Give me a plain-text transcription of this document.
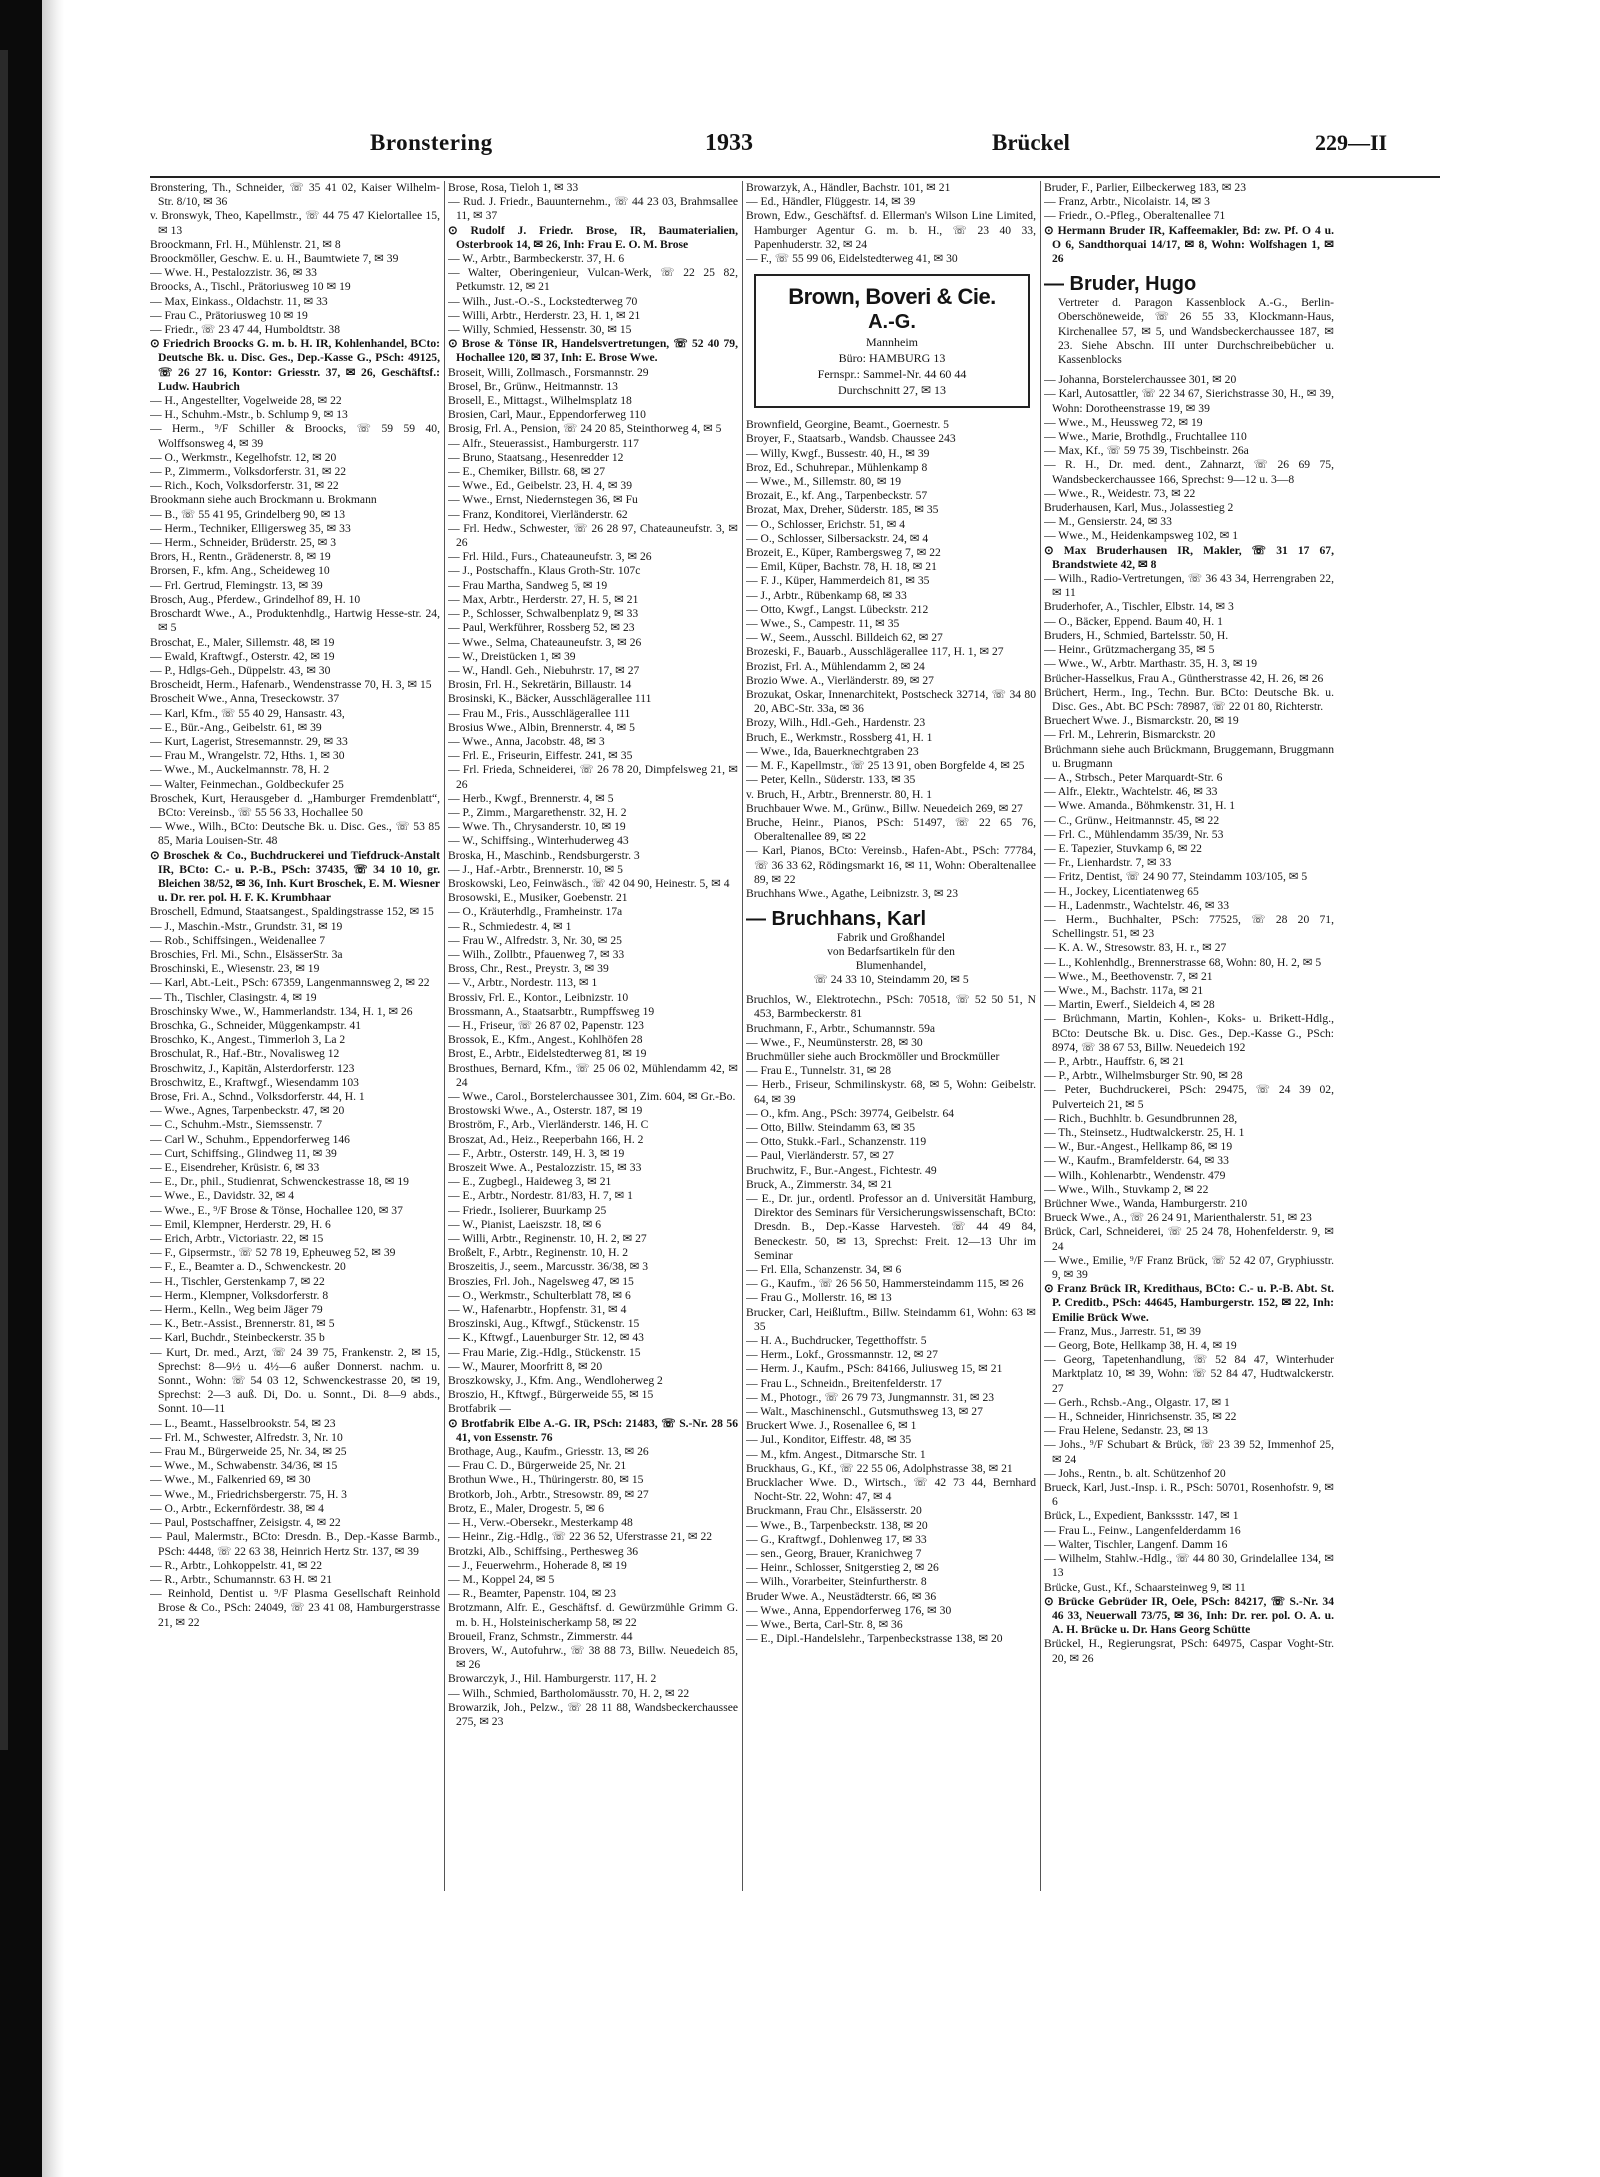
Bronstering	1933	Brückel	229—II

Bronstering, Th., Schneider, ☏ 35 41 02, Kaiser Wilhelm-Str. 8/10, ✉ 36

v. Bronswyk, Theo, Kapellmstr., ☏ 44 75 47 Kielortallee 15, ✉ 13

Broockmann, Frl. H., Mühlenstr. 21, ✉ 8

Broockmöller, Geschw. E. u. H., Baumtwiete 7, ✉ 39

— Wwe. H., Pestalozzistr. 36, ✉ 33

Broocks, A., Tischl., Prätoriusweg 10 ✉ 19

— Max, Einkass., Oldachstr. 11, ✉ 33

— Frau C., Prätoriusweg 10 ✉ 19

— Friedr., ☏ 23 47 44, Humboldtstr. 38

⊙ Friedrich Broocks G. m. b. H. IR, Kohlenhandel, BCto: Deutsche Bk. u. Disc. Ges., Dep.-Kasse G., PSch: 49125, ☏ 26 27 16, Kontor: Griesstr. 37, ✉ 26, Geschäftsf.: Ludw. Haubrich

— H., Angestellter, Vogelweide 28, ✉ 22

— H., Schuhm.-Mstr., b. Schlump 9, ✉ 13

— Herm., ⁹/F Schiller & Broocks, ☏ 59 59 40, Wolffsonsweg 4, ✉ 39

— O., Werkmstr., Kegelhofstr. 12, ✉ 20

— P., Zimmerm., Volksdorferstr. 31, ✉ 22

— Rich., Koch, Volksdorferstr. 31, ✉ 22

Brookmann siehe auch Brockmann u. Brokmann

— B., ☏ 55 41 95, Grindelberg 90, ✉ 13

— Herm., Techniker, Elligersweg 35, ✉ 33

— Herm., Schneider, Brüderstr. 25, ✉ 3

Brors, H., Rentn., Grädenerstr. 8, ✉ 19

Brorsen, F., kfm. Ang., Scheideweg 10

— Frl. Gertrud, Flemingstr. 13, ✉ 39

Brosch, Aug., Pferdew., Grindelhof 89, H. 10

Broschardt Wwe., A., Produktenhdlg., Hartwig Hesse-str. 24, ✉ 5

Broschat, E., Maler, Sillemstr. 48, ✉ 19

— Ewald, Kraftwgf., Osterstr. 42, ✉ 19

— P., Hdlgs-Geh., Düppelstr. 43, ✉ 30

Broscheidt, Herm., Hafenarb., Wendenstrasse 70, H. 3, ✉ 15

Broscheit Wwe., Anna, Treseckowstr. 37

— Karl, Kfm., ☏ 55 40 29, Hansastr. 43,

— E., Bür.-Ang., Geibelstr. 61, ✉ 39

— Kurt, Lagerist, Stresemannstr. 29, ✉ 33

— Frau M., Wrangelstr. 72, Hths. 1, ✉ 30

— Wwe., M., Auckelmannstr. 78, H. 2

— Walter, Feinmechan., Goldbeckufer 25

Broschek, Kurt, Herausgeber d. „Hamburger Fremdenblatt“, BCto: Vereinsb., ☏ 55 56 33, Hochallee 50

— Wwe., Wilh., BCto: Deutsche Bk. u. Disc. Ges., ☏ 53 85 85, Maria Louisen-Str. 48

⊙ Broschek & Co., Buchdruckerei und Tiefdruck-Anstalt IR, BCto: C.- u. P.-B., PSch: 37435, ☏ 34 10 10, gr. Bleichen 38/52, ✉ 36, Inh. Kurt Broschek, E. M. Wiesner u. Dr. rer. pol. H. F. K. Krumbhaar

Broschell, Edmund, Staatsangest., Spaldingstrasse 152, ✉ 15

— J., Maschin.-Mstr., Grundstr. 31, ✉ 19

— Rob., Schiffsingen., Weidenallee 7

Broschies, Frl. Mi., Schn., ElsässerStr. 3a

Broschinski, E., Wiesenstr. 23, ✉ 19

— Karl, Abt.-Leit., PSch: 67359, Langenmannsweg 2, ✉ 22

— Th., Tischler, Clasingstr. 4, ✉ 19

Broschinsky Wwe., W., Hammerlandstr. 134, H. 1, ✉ 26

Broschka, G., Schneider, Müggenkampstr. 41

Broschko, K., Angest., Timmerloh 3, La 2

Broschulat, R., Haf.-Btr., Novalisweg 12

Broschwitz, J., Kapitän, Alsterdorferstr. 123

Broschwitz, E., Kraftwgf., Wiesendamm 103

Brose, Fri. A., Schnd., Volksdorferstr. 44, H. 1

— Wwe., Agnes, Tarpenbeckstr. 47, ✉ 20

— C., Schuhm.-Mstr., Siemssenstr. 7

— Carl W., Schuhm., Eppendorferweg 146

— Curt, Schiffsing., Glindweg 11, ✉ 39

— E., Eisendreher, Krüsistr. 6, ✉ 33

— E., Dr., phil., Studienrat, Schwenckestrasse 18, ✉ 19

— Wwe., E., Davidstr. 32, ✉ 4

— Wwe., E., ⁹/F Brose & Tönse, Hochallee 120, ✉ 37

— Emil, Klempner, Herderstr. 29, H. 6

— Erich, Arbtr., Victoriastr. 22, ✉ 15

— F., Gipsermstr., ☏ 52 78 19, Epheuweg 52, ✉ 39

— F., E., Beamter a. D., Schwenckestr. 20

— H., Tischler, Gerstenkamp 7, ✉ 22

— Herm., Klempner, Volksdorferstr. 8

— Herm., Kelln., Weg beim Jäger 79

— K., Betr.-Assist., Brennerstr. 81, ✉ 5

— Karl, Buchdr., Steinbeckerstr. 35 b

— Kurt, Dr. med., Arzt, ☏ 24 39 75, Frankenstr. 2, ✉ 15, Sprechst: 8—9½ u. 4½—6 außer Donnerst. nachm. u. Sonnt., Wohn: ☏ 54 03 12, Schwenckestrasse 20, ✉ 19, Sprechst: 2—3 auß. Di, Do. u. Sonnt., Di. 8—9 abds., Sonnt. 10—11

— L., Beamt., Hasselbrookstr. 54, ✉ 23

— Frl. M., Schwester, Alfredstr. 3, Nr. 10

— Frau M., Bürgerweide 25, Nr. 34, ✉ 25

— Wwe., M., Schwabenstr. 34/36, ✉ 15

— Wwe., M., Falkenried 69, ✉ 30

— Wwe., M., Friedrichsbergerstr. 75, H. 3

— O., Arbtr., Eckernfördestr. 38, ✉ 4

— Paul, Postschaffner, Zeisigstr. 4, ✉ 22

— Paul, Malermstr., BCto: Dresdn. B., Dep.-Kasse Barmb., PSch: 4448, ☏ 22 63 38, Heinrich Hertz Str. 137, ✉ 39

— R., Arbtr., Lohkoppelstr. 41, ✉ 22

— R., Arbtr., Schumannstr. 63 H. ✉ 21

— Reinhold, Dentist u. ⁹/F Plasma Gesellschaft Reinhold Brose & Co., PSch: 24049, ☏ 23 41 08, Hamburgerstrasse 21, ✉ 22

Brose, Rosa, Tieloh 1, ✉ 33

— Rud. J. Friedr., Bauunternehm., ☏ 44 23 03, Brahmsallee 11, ✉ 37

⊙ Rudolf J. Friedr. Brose, IR, Baumaterialien, Osterbrook 14, ✉ 26, Inh: Frau E. O. M. Brose

— W., Arbtr., Barmbeckerstr. 37, H. 6

— Walter, Oberingenieur, Vulcan-Werk, ☏ 22 25 82, Petkumstr. 12, ✉ 21

— Wilh., Just.-O.-S., Lockstedterweg 70

— Willi, Arbtr., Herderstr. 23, H. 1, ✉ 21

— Willy, Schmied, Hessenstr. 30, ✉ 15

⊙ Brose & Tönse IR, Handelsvertretungen, ☏ 52 40 79, Hochallee 120, ✉ 37, Inh: E. Brose Wwe.

Broseit, Willi, Zollmasch., Forsmannstr. 29

Brosel, Br., Grünw., Heitmannstr. 13

Brosell, E., Mittagst., Wilhelmsplatz 18

Brosien, Carl, Maur., Eppendorferweg 110

Brosig, Frl. A., Pension, ☏ 24 20 85, Steinthorweg 4, ✉ 5

— Alfr., Steuerassist., Hamburgerstr. 117

— Bruno, Staatsang., Hesenredder 12

— E., Chemiker, Billstr. 68, ✉ 27

— Wwe., Ed., Geibelstr. 23, H. 4, ✉ 39

— Wwe., Ernst, Niedernstegen 36, ✉ Fu

— Franz, Konditorei, Vierländerstr. 62

— Frl. Hedw., Schwester, ☏ 26 28 97, Chateauneufstr. 3, ✉ 26

— Frl. Hild., Furs., Chateauneufstr. 3, ✉ 26

— J., Postschaffn., Klaus Groth-Str. 107c

— Frau Martha, Sandweg 5, ✉ 19

— Max, Arbtr., Herderstr. 27, H. 5, ✉ 21

— P., Schlosser, Schwalbenplatz 9, ✉ 33

— Paul, Werkführer, Rossberg 52, ✉ 23

— Wwe., Selma, Chateauneufstr. 3, ✉ 26

— W., Dreistücken 1, ✉ 39

— W., Handl. Geh., Niebuhrstr. 17, ✉ 27

Brosin, Frl. H., Sekretärin, Billaustr. 14

Brosinski, K., Bäcker, Ausschlägerallee 111

— Frau M., Fris., Ausschlägerallee 111

Brosius Wwe., Albin, Brennerstr. 4, ✉ 5

— Wwe., Anna, Jacobstr. 48, ✉ 3

— Frl. E., Friseurin, Eiffestr. 241, ✉ 35

— Frl. Frieda, Schneiderei, ☏ 26 78 20, Dimpfelsweg 21, ✉ 26

— Herb., Kwgf., Brennerstr. 4, ✉ 5

— P., Zimm., Margarethenstr. 32, H. 2

— Wwe. Th., Chrysanderstr. 10, ✉ 19

— W., Schiffsing., Winterhuderweg 43

Broska, H., Maschinb., Rendsburgerstr. 3

— J., Haf.-Arbtr., Brennerstr. 10, ✉ 5

Broskowski, Leo, Feinwäsch., ☏ 42 04 90, Heinestr. 5, ✉ 4

Brosowski, E., Musiker, Goebenstr. 21

— O., Kräuterhdlg., Framheinstr. 17a

— R., Schmiedestr. 4, ✉ 1

— Frau W., Alfredstr. 3, Nr. 30, ✉ 25

— Wilh., Zollbtr., Pfauenweg 7, ✉ 33

Bross, Chr., Rest., Preystr. 3, ✉ 39

— V., Arbtr., Nordestr. 113, ✉ 1

Brossiv, Frl. E., Kontor., Leibnizstr. 10

Brossmann, A., Staatsarbtr., Rumpffsweg 19

— H., Friseur, ☏ 26 87 02, Papenstr. 123

Brossok, E., Kfm., Angest., Kohlhöfen 28

Brost, E., Arbtr., Eidelstedterweg 81, ✉ 19

Brosthues, Bernard, Kfm., ☏ 25 06 02, Mühlendamm 42, ✉ 24

— Wwe., Carol., Borstelerchaussee 301, Zim. 604, ✉ Gr.-Bo.

Brostowski Wwe., A., Osterstr. 187, ✉ 19

Broström, F., Arb., Vierländerstr. 146, H. C

Broszat, Ad., Heiz., Reeperbahn 166, H. 2

— F., Arbtr., Osterstr. 149, H. 3, ✉ 19

Broszeit Wwe. A., Pestalozzistr. 15, ✉ 33

— E., Zugbegl., Haideweg 3, ✉ 21

— E., Arbtr., Nordestr. 81/83, H. 7, ✉ 1

— Friedr., Isolierer, Buurkamp 25

— W., Pianist, Laeiszstr. 18, ✉ 6

— Willi, Arbtr., Reginenstr. 10, H. 2, ✉ 27

Broßelt, F., Arbtr., Reginenstr. 10, H. 2

Broszeitis, J., seem., Marcusstr. 36/38, ✉ 3

Broszies, Frl. Joh., Nagelsweg 47, ✉ 15

— O., Werkmstr., Schulterblatt 78, ✉ 6

— W., Hafenarbtr., Hopfenstr. 31, ✉ 4

Broszinski, Aug., Kftwgf., Stückenstr. 15

— K., Kftwgf., Lauenburger Str. 12, ✉ 43

— Frau Marie, Zig.-Hdlg., Stückenstr. 15

— W., Maurer, Moorfritt 8, ✉ 20

Broszkowsky, J., Kfm. Ang., Wendloherweg 2

Broszio, H., Kftwgf., Bürgerweide 55, ✉ 15

Brotfabrik —

⊙ Brotfabrik Elbe A.-G. IR, PSch: 21483, ☏ S.-Nr. 28 56 41, von Essenstr. 76

Brothage, Aug., Kaufm., Griesstr. 13, ✉ 26

— Frau C. D., Bürgerweide 25, Nr. 21

Brothun Wwe., H., Thüringerstr. 80, ✉ 15

Brotkorb, Joh., Arbtr., Stresowstr. 89, ✉ 27

Brotz, E., Maler, Drogestr. 5, ✉ 6

— H., Verw.-Obersekr., Mesterkamp 48

— Heinr., Zig.-Hdlg., ☏ 22 36 52, Uferstrasse 21, ✉ 22

Brotzki, Alb., Schiffsing., Perthesweg 36

— J., Feuerwehrm., Hoherade 8, ✉ 19

— M., Koppel 24, ✉ 5

— R., Beamter, Papenstr. 104, ✉ 23

Brotzmann, Alfr. E., Geschäftsf. d. Gewürzmühle Grimm G. m. b. H., Holsteinischerkamp 58, ✉ 22

Broueil, Franz, Schmstr., Zimmerstr. 44

Brovers, W., Autofuhrw., ☏ 38 88 73, Billw. Neuedeich 85, ✉ 26

Browarczyk, J., Hil. Hamburgerstr. 117, H. 2

— Wilh., Schmied, Bartholomäusstr. 70, H. 2, ✉ 22

Browarzik, Joh., Pelzw., ☏ 28 11 88, Wandsbeckerchaussee 275, ✉ 23

Browarzyk, A., Händler, Bachstr. 101, ✉ 21

— Ed., Händler, Flüggestr. 14, ✉ 39

Brown, Edw., Geschäftsf. d. Ellerman's Wilson Line Limited, Hamburger Agentur G. m. b. H., ☏ 23 40 33, Papenhuderstr. 32, ✉ 24

— F., ☏ 55 99 06, Eidelstedterweg 41, ✉ 30

Brown, Boveri & Cie.
A.-G.
Mannheim
Büro: HAMBURG 13
Fernspr.: Sammel-Nr. 44 60 44
Durchschnitt 27, ✉ 13

Brownfield, Georgine, Beamt., Goernestr. 5

Broyer, F., Staatsarb., Wandsb. Chaussee 243

— Willy, Kwgf., Bussestr. 40, H., ✉ 39

Broz, Ed., Schuhrepar., Mühlenkamp 8

— Wwe., M., Sillemstr. 80, ✉ 19

Brozait, E., kf. Ang., Tarpenbeckstr. 57

Brozat, Max, Dreher, Süderstr. 185, ✉ 35

— O., Schlosser, Erichstr. 51, ✉ 4

— O., Schlosser, Silbersackstr. 24, ✉ 4

Brozeit, E., Küper, Rambergsweg 7, ✉ 22

— Emil, Küper, Bachstr. 78, H. 18, ✉ 21

— F. J., Küper, Hammerdeich 81, ✉ 35

— J., Arbtr., Rübenkamp 68, ✉ 33

— Otto, Kwgf., Langst. Lübeckstr. 212

— Wwe., S., Campestr. 11, ✉ 35

— W., Seem., Ausschl. Billdeich 62, ✉ 27

Brozeski, F., Bauarb., Ausschlägerallee 117, H. 1, ✉ 27

Brozist, Frl. A., Mühlendamm 2, ✉ 24

Brozio Wwe. A., Vierländerstr. 89, ✉ 27

Brozukat, Oskar, Innenarchitekt, Postscheck 32714, ☏ 34 80 20, ABC-Str. 33a, ✉ 36

Brozy, Wilh., Hdl.-Geh., Hardenstr. 23

Bruch, E., Werkmstr., Rossberg 41, H. 1

— Wwe., Ida, Bauerknechtgraben 23

— M. F., Kapellmstr., ☏ 25 13 91, oben Borgfelde 4, ✉ 25

— Peter, Kelln., Süderstr. 133, ✉ 35

v. Bruch, H., Arbtr., Brennerstr. 80, H. 1

Bruchbauer Wwe. M., Grünw., Billw. Neuedeich 269, ✉ 27

Bruche, Heinr., Pianos, PSch: 51497, ☏ 22 65 76, Oberaltenallee 89, ✉ 22

— Karl, Pianos, BCto: Vereinsb., Hafen-Abt., PSch: 77784, ☏ 36 33 62, Rödingsmarkt 16, ✉ 11, Wohn: Oberaltenallee 89, ✉ 22

Bruchhans Wwe., Agathe, Leibnizstr. 3, ✉ 23

— Bruchhans, Karl
Fabrik und Großhandel
von Bedarfsartikeln für den
Blumenhandel,
☏ 24 33 10, Steindamm 20, ✉ 5

Bruchlos, W., Elektrotechn., PSch: 70518, ☏ 52 50 51, N 453, Barmbeckerstr. 81

Bruchmann, F., Arbtr., Schumannstr. 59a

— Wwe., F., Neumünsterstr. 28, ✉ 30

Bruchmüller siehe auch Brockmöller und Brockmüller

— Frau E., Tunnelstr. 31, ✉ 28

— Herb., Friseur, Schmilinskystr. 68, ✉ 5, Wohn: Geibelstr. 64, ✉ 39

— O., kfm. Ang., PSch: 39774, Geibelstr. 64

— Otto, Billw. Steindamm 63, ✉ 35

— Otto, Stukk.-Farl., Schanzenstr. 119

— Paul, Vierländerstr. 57, ✉ 27

Bruchwitz, F., Bur.-Angest., Fichtestr. 49

Bruck, A., Zimmerstr. 34, ✉ 21

— E., Dr. jur., ordentl. Professor an d. Universität Hamburg, Direktor des Seminars für Versicherungswissenschaft, BCto: Dresdn. B., Dep.-Kasse Harvesteh. ☏ 44 49 84, Beneckestr. 50, ✉ 13, Sprechst: Freit. 12—13 Uhr im Seminar

— Frl. Ella, Schanzenstr. 34, ✉ 6

— G., Kaufm., ☏ 26 56 50, Hammersteindamm 115, ✉ 26

— Frau G., Mollerstr. 16, ✉ 13

Brucker, Carl, Heißluftm., Billw. Steindamm 61, Wohn: 63 ✉ 35

— H. A., Buchdrucker, Tegetthoffstr. 5

— Herm., Lokf., Grossmannstr. 12, ✉ 27

— Herm. J., Kaufm., PSch: 84166, Juliusweg 15, ✉ 21

— Frau L., Schneidn., Breitenfelderstr. 17

— M., Photogr., ☏ 26 79 73, Jungmannstr. 31, ✉ 23

— Walt., Maschinenschl., Gutsmuthsweg 13, ✉ 27

Bruckert Wwe. J., Rosenallee 6, ✉ 1

— Jul., Konditor, Eiffestr. 48, ✉ 35

— M., kfm. Angest., Ditmarsche Str. 1

Bruckhaus, G., Kf., ☏ 22 55 06, Adolphstrasse 38, ✉ 21

Brucklacher Wwe. D., Wirtsch., ☏ 42 73 44, Bernhard Nocht-Str. 22, Wohn: 47, ✉ 4

Bruckmann, Frau Chr., Elsässerstr. 20

— Wwe., B., Tarpenbeckstr. 138, ✉ 20

— G., Kraftwgf., Dohlenweg 17, ✉ 33

— sen., Georg, Brauer, Kranichweg 7

— Heinr., Schlosser, Snitgerstieg 2, ✉ 26

— Wilh., Vorarbeiter, Steinfurtherstr. 8

Bruder Wwe. A., Neustädterstr. 66, ✉ 36

— Wwe., Anna, Eppendorferweg 176, ✉ 30

— Wwe., Berta, Carl-Str. 8, ✉ 36

— E., Dipl.-Handelslehr., Tarpenbeckstrasse 138, ✉ 20

Bruder, F., Parlier, Eilbeckerweg 183, ✉ 23

— Franz, Arbtr., Nicolaistr. 14, ✉ 3

— Friedr., O.-Pfleg., Oberaltenallee 71

⊙ Hermann Bruder IR, Kaffeemakler, Bd: zw. Pf. O 4 u. O 6, Sandthorquai 14/17, ✉ 8, Wohn: Wolfshagen 1, ✉ 26

— Bruder, Hugo
Vertreter d. Paragon Kassenblock A.-G., Berlin-Oberschöneweide, ☏ 26 55 33, Klockmann-Haus, Kirchenallee 57, ✉ 5, und Wandsbeckerchaussee 187, ✉ 23. Siehe Abschn. III unter Durchschreibebücher u. Kassenblocks

— Johanna, Borstelerchaussee 301, ✉ 20

— Karl, Autosattler, ☏ 22 34 67, Sierichstrasse 30, H., ✉ 39, Wohn: Dorotheenstrasse 19, ✉ 39

— Wwe., M., Heussweg 72, ✉ 19

— Wwe., Marie, Brothdlg., Fruchtallee 110

— Max, Kf., ☏ 59 75 39, Tischbeinstr. 26a

— R. H., Dr. med. dent., Zahnarzt, ☏ 26 69 75, Wandsbeckerchaussee 166, Sprechst: 9—12 u. 3—8

— Wwe., R., Weidestr. 73, ✉ 22

Bruderhausen, Karl, Mus., Jolassestieg 2

— M., Gensierstr. 24, ✉ 33

— Wwe., M., Heidenkampsweg 102, ✉ 1

⊙ Max Bruderhausen IR, Makler, ☏ 31 17 67, Brandstwiete 42, ✉ 8

— Wilh., Radio-Vertretungen, ☏ 36 43 34, Herrengraben 22, ✉ 11

Bruderhofer, A., Tischler, Elbstr. 14, ✉ 3

— O., Bäcker, Eppend. Baum 40, H. 1

Bruders, H., Schmied, Bartelsstr. 50, H.

— Heinr., Grützmachergang 35, ✉ 5

— Wwe., W., Arbtr. Marthastr. 35, H. 3, ✉ 19

Brücher-Hasselkus, Frau A., Güntherstrasse 42, H. 26, ✉ 26

Brüchert, Herm., Ing., Techn. Bur. BCto: Deutsche Bk. u. Disc. Ges., Abt. BC PSch: 78987, ☏ 22 01 80, Richterstr.

Bruechert Wwe. J., Bismarckstr. 20, ✉ 19

— Frl. M., Lehrerin, Bismarckstr. 20

Brüchmann siehe auch Brückmann, Bruggemann, Bruggmann u. Brugmann

— A., Strbsch., Peter Marquardt-Str. 6

— Alfr., Elektr., Wachtelstr. 46, ✉ 33

— Wwe. Amanda., Böhmkenstr. 31, H. 1

— C., Grünw., Heitmannstr. 45, ✉ 22

— Frl. C., Mühlendamm 35/39, Nr. 53

— E. Tapezier, Stuvkamp 6, ✉ 22

— Fr., Lienhardstr. 7, ✉ 33

— Fritz, Dentist, ☏ 24 90 77, Steindamm 103/105, ✉ 5

— H., Jockey, Licentiatenweg 65

— H., Ladenmstr., Wachtelstr. 46, ✉ 33

— Herm., Buchhalter, PSch: 77525, ☏ 28 20 71, Schellingstr. 51, ✉ 23

— K. A. W., Stresowstr. 83, H. r., ✉ 27

— L., Kohlenhdlg., Brennerstrasse 68, Wohn: 80, H. 2, ✉ 5

— Wwe., M., Beethovenstr. 7, ✉ 21

— Wwe., M., Bachstr. 117a, ✉ 21

— Martin, Ewerf., Sieldeich 4, ✉ 28

— Brüchmann, Martin, Kohlen-, Koks- u. Brikett-Hdlg., BCto: Deutsche Bk. u. Disc. Ges., Dep.-Kasse G., PSch: 8974, ☏ 38 67 53, Billw. Neuedeich 192

— P., Arbtr., Hauffstr. 6, ✉ 21

— P., Arbtr., Wilhelmsburger Str. 90, ✉ 28

— Peter, Buchdruckerei, PSch: 29475, ☏ 24 39 02, Pulverteich 21, ✉ 5

— Rich., Buchhltr. b. Gesundbrunnen 28,

— Th., Steinsetz., Hudtwalckerstr. 25, H. 1

— W., Bur.-Angest., Hellkamp 86, ✉ 19

— W., Kaufm., Bramfelderstr. 64, ✉ 33

— Wilh., Kohlenarbtr., Wendenstr. 479

— Wwe., Wilh., Stuvkamp 2, ✉ 22

Brüchner Wwe., Wanda, Hamburgerstr. 210

Brueck Wwe., A., ☏ 26 24 91, Marienthalerstr. 51, ✉ 23

Brück, Carl, Schneiderei, ☏ 25 24 78, Hohenfelderstr. 9, ✉ 24

— Wwe., Emilie, ⁹/F Franz Brück, ☏ 52 42 07, Gryphiusstr. 9, ✉ 39

⊙ Franz Brück IR, Kredithaus, BCto: C.- u. P.-B. Abt. St. P. Creditb., PSch: 44645, Hamburgerstr. 152, ✉ 22, Inh: Emilie Brück Wwe.

— Franz, Mus., Jarrestr. 51, ✉ 39

— Georg, Bote, Hellkamp 38, H. 4, ✉ 19

— Georg, Tapetenhandlung, ☏ 52 84 47, Winterhuder Marktplatz 10, ✉ 39, Wohn: ☏ 52 84 47, Hudtwalckerstr. 27

— Gerh., Rchsb.-Ang., Olgastr. 17, ✉ 1

— H., Schneider, Hinrichsenstr. 35, ✉ 22

— Frau Helene, Sedanstr. 23, ✉ 13

— Johs., ⁹/F Schubart & Brück, ☏ 23 39 52, Immenhof 25, ✉ 24

— Johs., Rentn., b. alt. Schützenhof 20

Brueck, Karl, Just.-Insp. i. R., PSch: 50701, Rosenhofstr. 9, ✉ 6

Brück, L., Expedient, Bankssstr. 147, ✉ 1

— Frau L., Feinw., Langenfelderdamm 16

— Walter, Tischler, Langenf. Damm 16

— Wilhelm, Stahlw.-Hdlg., ☏ 44 80 30, Grindelallee 134, ✉ 13

Brücke, Gust., Kf., Schaarsteinweg 9, ✉ 11

⊙ Brücke Gebrüder IR, Oele, PSch: 84217, ☏ S.-Nr. 34 46 33, Neuerwall 73/75, ✉ 36, Inh: Dr. rer. pol. O. A. u. A. H. Brücke u. Dr. Hans Georg Schütte

Brückel, H., Regierungsrat, PSch: 64975, Caspar Voght-Str. 20, ✉ 26
